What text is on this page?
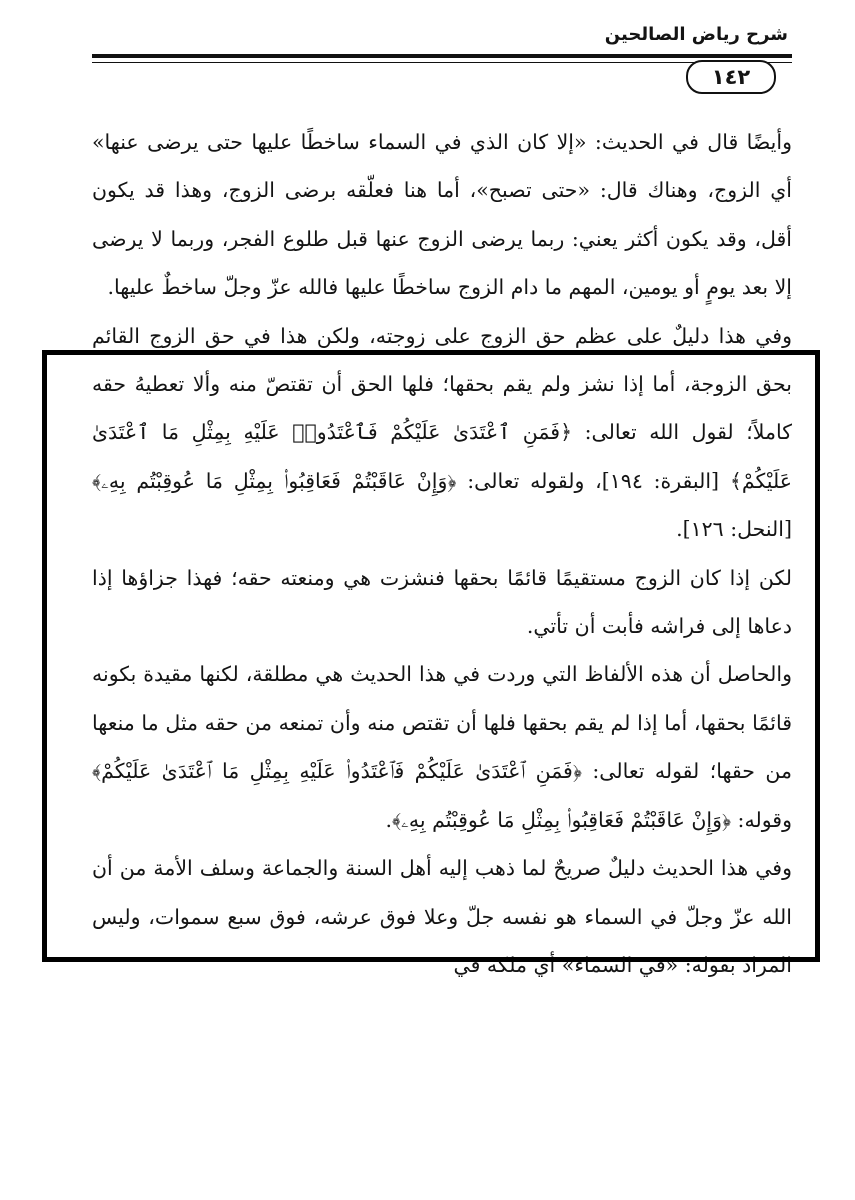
شرح رياض الصالحين
١٤٢

وأيضًا قال في الحديث: «إلا كان الذي في السماء ساخطًا عليها حتى يرضى عنها» أي الزوج، وهناك قال: «حتى تصبح»، أما هنا فعلّقه برضى الزوج، وهذا قد يكون أقل، وقد يكون أكثر يعني: ربما يرضى الزوج عنها قبل طلوع الفجر، وربما لا يرضى إلا بعد يومٍ أو يومين، المهم ما دام الزوج ساخطًا عليها فالله عزّ وجلّ ساخطٌ عليها.

وفي هذا دليلٌ على عظم حق الزوج على زوجته، ولكن هذا في حق الزوج القائم بحق الزوجة، أما إذا نشز ولم يقم بحقها؛ فلها الحق أن تقتصّ منه وألا تعطيهُ حقه كاملاً؛ لقول الله تعالى: ﴿فَمَنِ ٱعْتَدَىٰ عَلَيْكُمْ فَٱعْتَدُوا۟ عَلَيْهِ بِمِثْلِ مَا ٱعْتَدَىٰ عَلَيْكُمْ﴾ [البقرة: ١٩٤]، ولقوله تعالى: ﴿وَإِنْ عَاقَبْتُمْ فَعَاقِبُوا۟ بِمِثْلِ مَا عُوقِبْتُم بِهِۦ﴾ [النحل: ١٢٦].

لكن إذا كان الزوج مستقيمًا قائمًا بحقها فنشزت هي ومنعته حقه؛ فهذا جزاؤها إذا دعاها إلى فراشه فأبت أن تأتي.

والحاصل أن هذه الألفاظ التي وردت في هذا الحديث هي مطلقة، لكنها مقيدة بكونه قائمًا بحقها، أما إذا لم يقم بحقها فلها أن تقتص منه وأن تمنعه من حقه مثل ما منعها من حقها؛ لقوله تعالى: ﴿فَمَنِ ٱعْتَدَىٰ عَلَيْكُمْ فَٱعْتَدُوا۟ عَلَيْهِ بِمِثْلِ مَا ٱعْتَدَىٰ عَلَيْكُمْ﴾ وقوله: ﴿وَإِنْ عَاقَبْتُمْ فَعَاقِبُوا۟ بِمِثْلِ مَا عُوقِبْتُم بِهِۦ﴾.

وفي هذا الحديث دليلٌ صريحٌ لما ذهب إليه أهل السنة والجماعة وسلف الأمة من أن الله عزّ وجلّ في السماء هو نفسه جلّ وعلا فوق عرشه، فوق سبع سموات، وليس المراد بقوله: «في السماء» أي ملكه في
